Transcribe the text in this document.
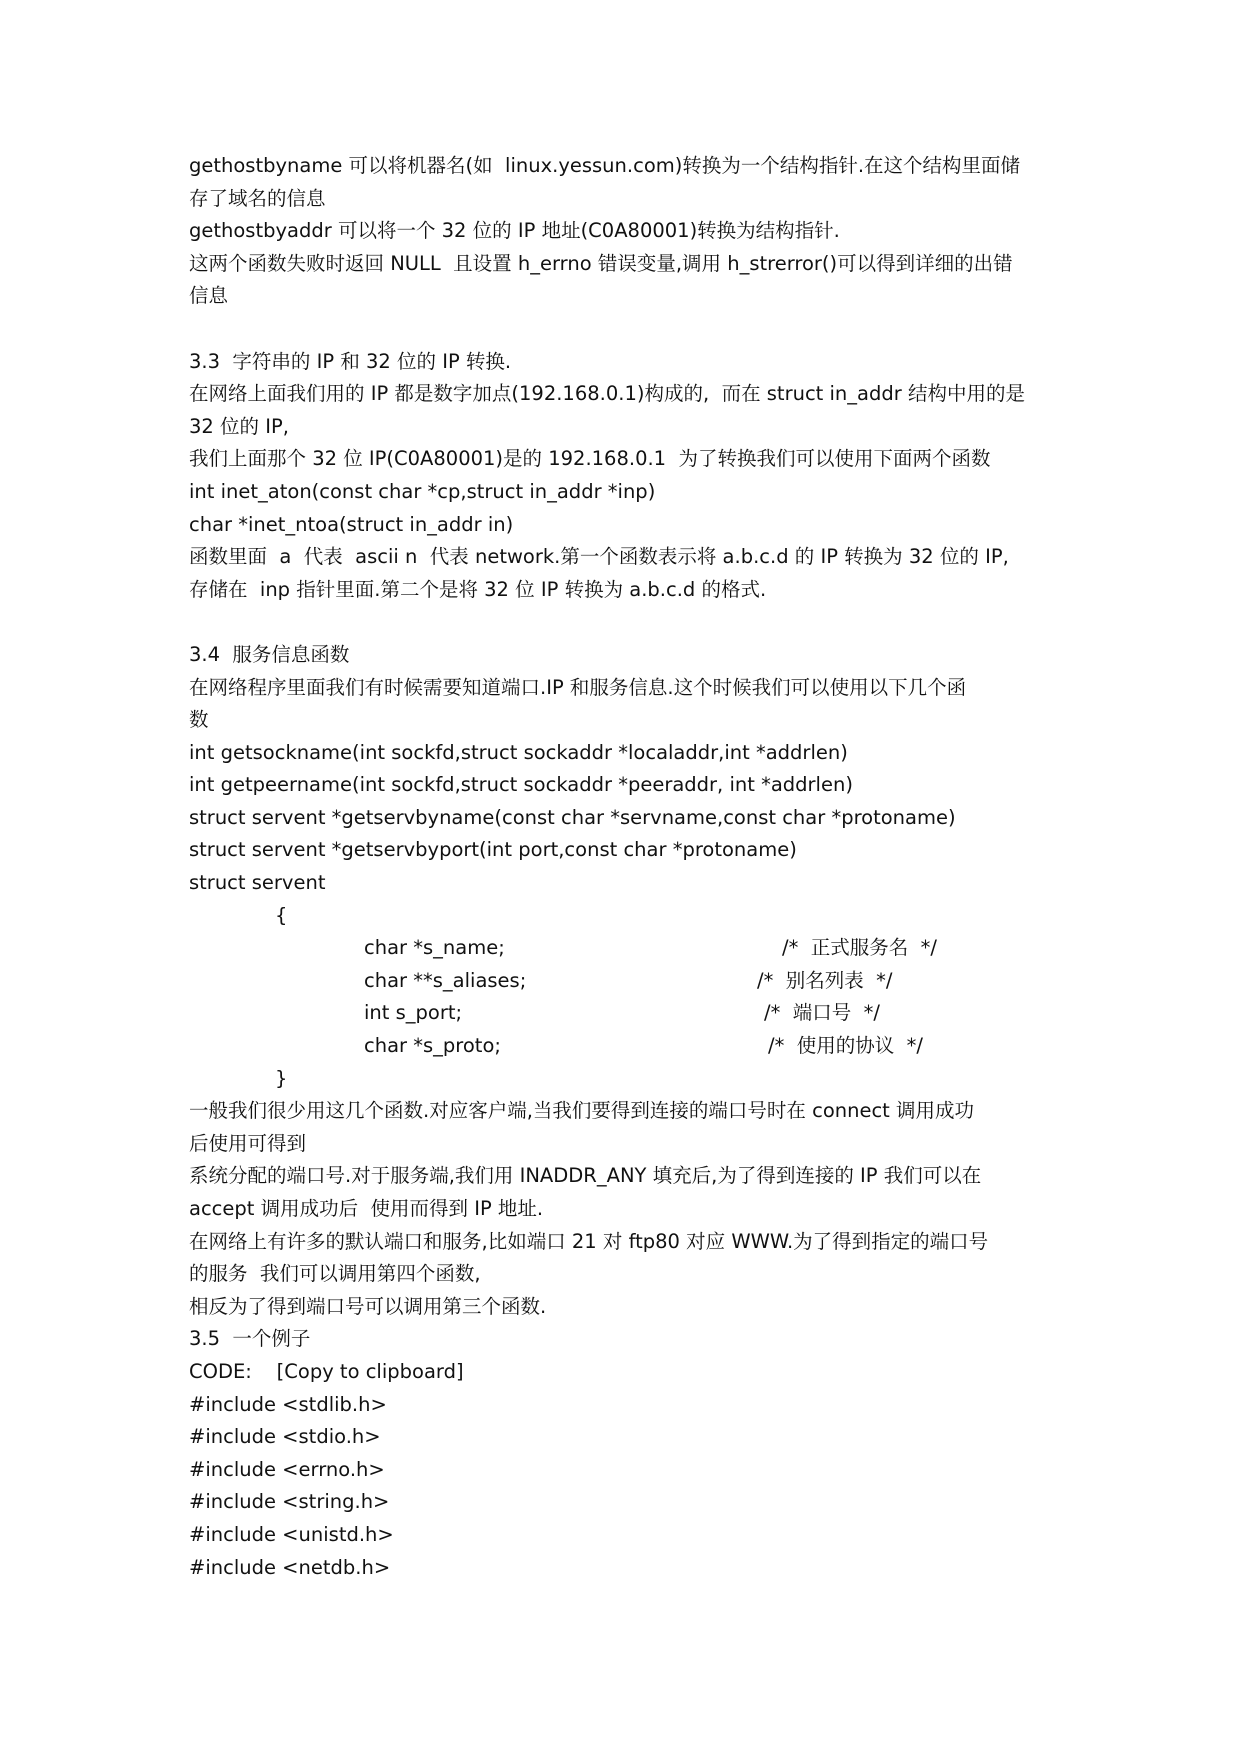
gethostbyname 可以将机器名(如  linux.yessun.com)转换为一个结构指针.在这个结构里面储
存了域名的信息
gethostbyaddr 可以将一个 32 位的 IP 地址(C0A80001)转换为结构指针.
这两个函数失败时返回 NULL  且设置 h_errno 错误变量,调用 h_strerror()可以得到详细的出错
信息
3.3  字符串的 IP 和 32 位的 IP 转换.
在网络上面我们用的 IP 都是数字加点(192.168.0.1)构成的,  而在 struct in_addr 结构中用的是
32 位的 IP,
我们上面那个 32 位 IP(C0A80001)是的 192.168.0.1  为了转换我们可以使用下面两个函数
int inet_aton(const char *cp,struct in_addr *inp)
char *inet_ntoa(struct in_addr in)
函数里面  a  代表  ascii n  代表 network.第一个函数表示将 a.b.c.d 的 IP 转换为 32 位的 IP,
存储在  inp 指针里面.第二个是将 32 位 IP 转换为 a.b.c.d 的格式.
3.4  服务信息函数
在网络程序里面我们有时候需要知道端口.IP 和服务信息.这个时候我们可以使用以下几个函
数
int getsockname(int sockfd,struct sockaddr *localaddr,int *addrlen)
int getpeername(int sockfd,struct sockaddr *peeraddr, int *addrlen)
struct servent *getservbyname(const char *servname,const char *protoname)
struct servent *getservbyport(int port,const char *protoname)
struct servent
{
char *s_name;	/*  正式服务名  */
char **s_aliases;	/*  别名列表  */
int s_port;	/*  端口号  */
char *s_proto;	/*  使用的协议  */
}
一般我们很少用这几个函数.对应客户端,当我们要得到连接的端口号时在 connect 调用成功
后使用可得到
系统分配的端口号.对于服务端,我们用 INADDR_ANY 填充后,为了得到连接的 IP 我们可以在
accept 调用成功后  使用而得到 IP 地址.
在网络上有许多的默认端口和服务,比如端口 21 对 ftp80 对应 WWW.为了得到指定的端口号
的服务  我们可以调用第四个函数,
相反为了得到端口号可以调用第三个函数.
3.5  一个例子
CODE:    [Copy to clipboard]
#include <stdlib.h>
#include <stdio.h>
#include <errno.h>
#include <string.h>
#include <unistd.h>
#include <netdb.h>
